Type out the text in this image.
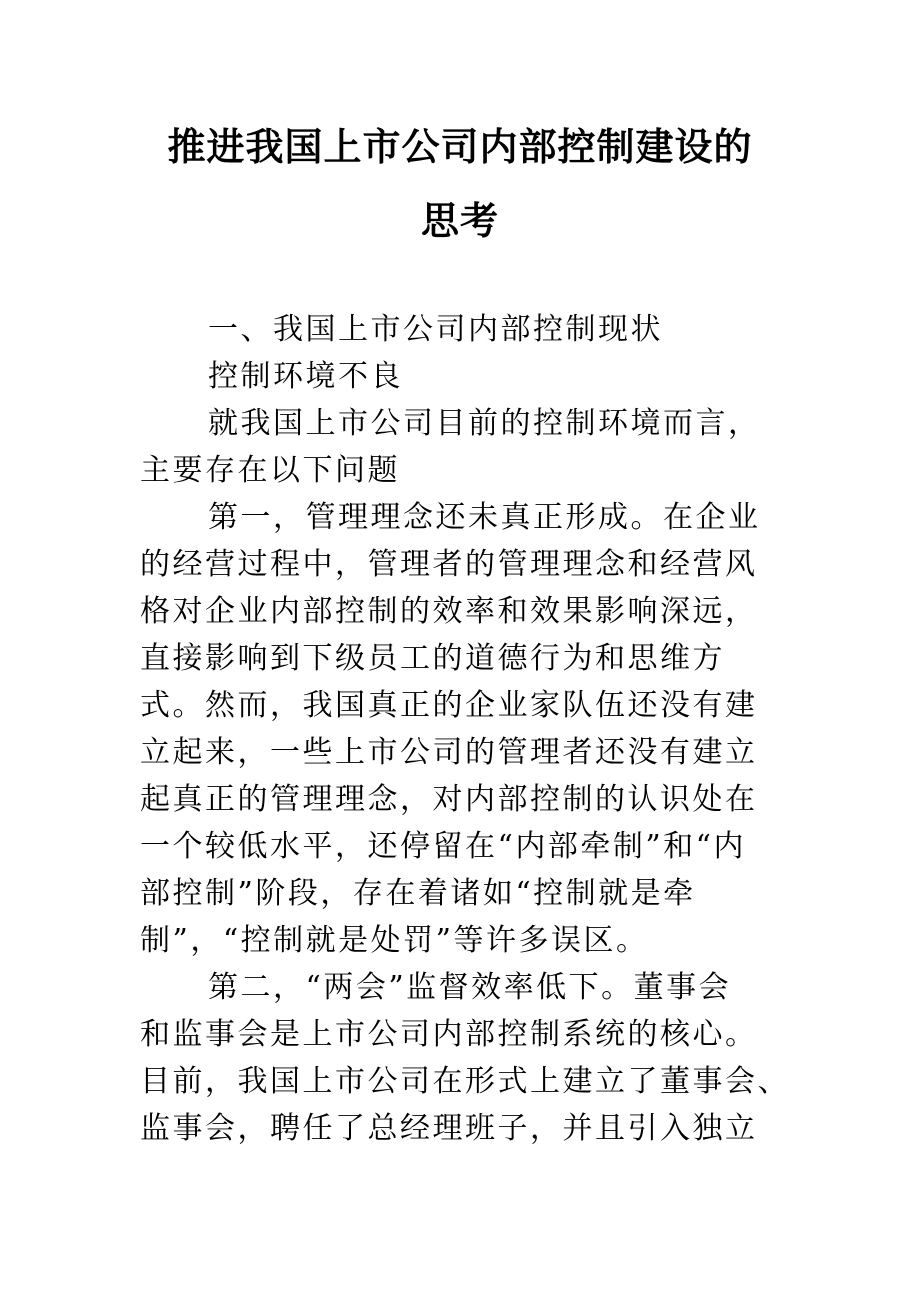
推进我国上市公司内部控制建设的
思考
一、我国上市公司内部控制现状
控制环境不良
就我国上市公司目前的控制环境而言，
主要存在以下问题
第一，管理理念还未真正形成。在企业
的经营过程中，管理者的管理理念和经营风
格对企业内部控制的效率和效果影响深远，
直接影响到下级员工的道德行为和思维方
式。然而，我国真正的企业家队伍还没有建
立起来，一些上市公司的管理者还没有建立
起真正的管理理念，对内部控制的认识处在
一个较低水平，还停留在“内部牵制”和“内
部控制”阶段，存在着诸如“控制就是牵
制”，“控制就是处罚”等许多误区。
第二，“两会”监督效率低下。董事会
和监事会是上市公司内部控制系统的核心。
目前，我国上市公司在形式上建立了董事会、
监事会，聘任了总经理班子，并且引入独立
